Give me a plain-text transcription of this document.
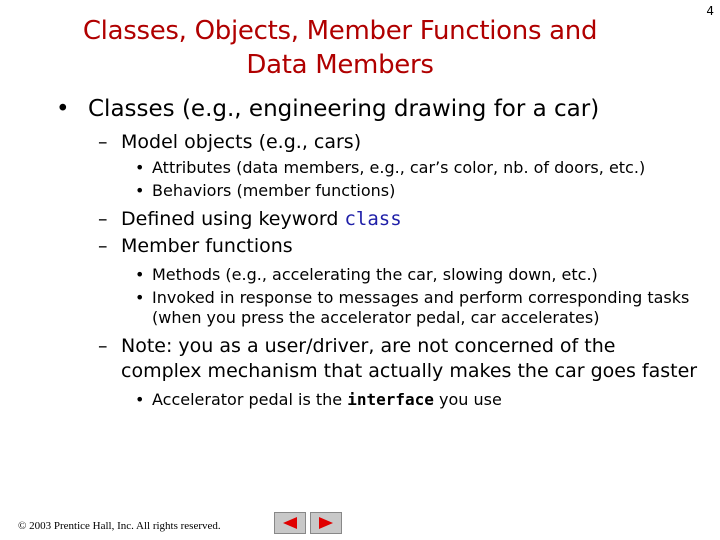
4
Classes, Objects, Member Functions and
Data Members
• Classes (e.g., engineering drawing for a car)
– Model objects (e.g., cars)
• Attributes (data members, e.g., car’s color, nb. of doors, etc.)
• Behaviors (member functions)
– Defined using keyword class
– Member functions
• Methods (e.g., accelerating the car, slowing down, etc.)
• Invoked in response to messages and perform corresponding tasks (when you press the accelerator pedal, car accelerates)
– Note: you as a user/driver, are not concerned of the complex mechanism that actually makes the car goes faster
• Accelerator pedal is the interface you use
© 2003 Prentice Hall, Inc. All rights reserved.
